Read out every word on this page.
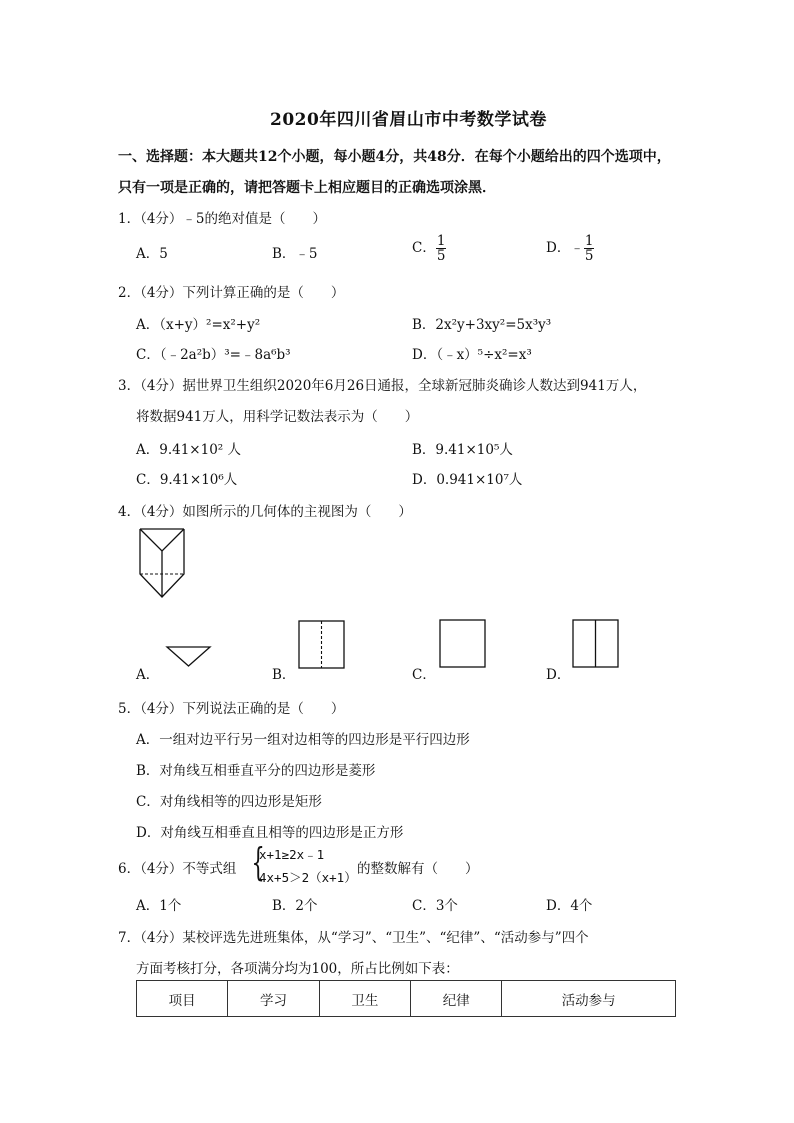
2020年四川省眉山市中考数学试卷
一、选择题：本大题共12个小题，每小题4分，共48分．在每个小题给出的四个选项中，
只有一项是正确的，请把答题卡上相应题目的正确选项涂黑．
1．（4分）﹣5的绝对值是（　　）
A．5	B．﹣5	C． $\frac{1}{5}$	D．﹣ $\frac{1}{5}$
2．（4分）下列计算正确的是（　　）
A．（x+y）²=x²+y²	B．2x²y+3xy²=5x³y³
C．（﹣2a²b）³=﹣8a⁶b³	D．（﹣x）⁵÷x²=x³
3．（4分）据世界卫生组织2020年6月26日通报，全球新冠肺炎确诊人数达到941万人，
将数据941万人，用科学记数法表示为（　　）
A．9.41×10² 人	B．9.41×10⁵人
C．9.41×10⁶人	D．0.941×10⁷人
4．（4分）如图所示的几何体的主视图为（　　）
A．	B．	C．	D．
5．（4分）下列说法正确的是（　　）
A．一组对边平行另一组对边相等的四边形是平行四边形
B．对角线互相垂直平分的四边形是菱形
C．对角线相等的四边形是矩形
D．对角线互相垂直且相等的四边形是正方形
6．（4分）不等式组 {
x+1≥2x﹣1
4x+5＞2（x+1）
的整数解有（　　）
A．1个	B．2个	C．3个	D．4个
7．（4分）某校评选先进班集体，从“学习”、“卫生”、“纪律”、“活动参与”四个
方面考核打分，各项满分均为100，所占比例如下表：
项目	学习	卫生	纪律	活动参与
